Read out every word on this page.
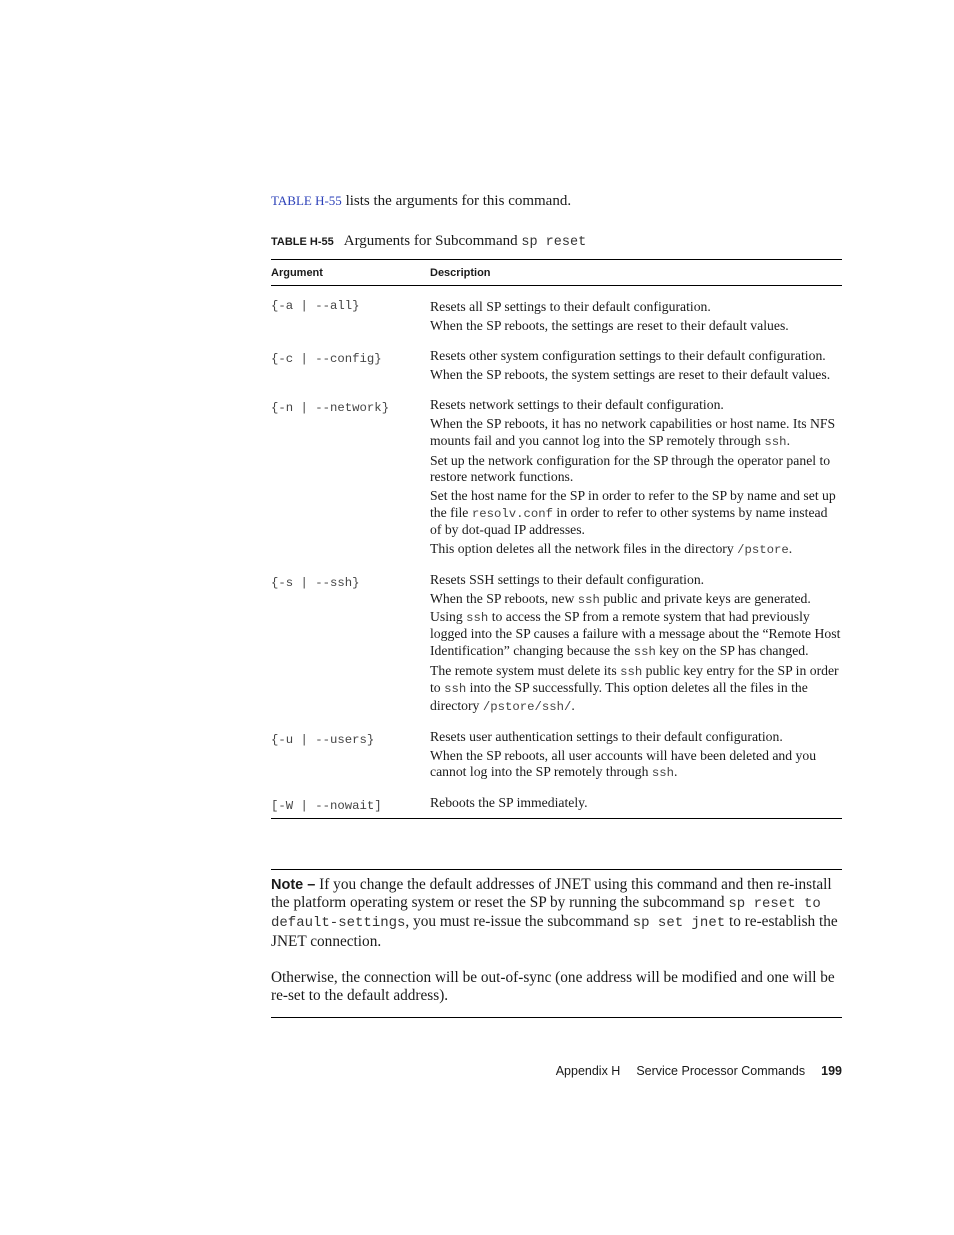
TABLE H-55 lists the arguments for this command.
TABLE H-55 Arguments for Subcommand sp reset
Argument	Description
{-a | --all}	Resets all SP settings to their default configuration.

When the SP reboots, the settings are reset to their default values.

{-c | --config}	Resets other system configuration settings to their default configuration.

When the SP reboots, the system settings are reset to their default values.

{-n | --network}	Resets network settings to their default configuration.

When the SP reboots, it has no network capabilities or host name. Its NFS mounts fail and you cannot log into the SP remotely through ssh.

Set up the network configuration for the SP through the operator panel to restore network functions.

Set the host name for the SP in order to refer to the SP by name and set up the file resolv.conf in order to refer to other systems by name instead of by dot-quad IP addresses.

This option deletes all the network files in the directory /pstore.

{-s | --ssh}	Resets SSH settings to their default configuration.

When the SP reboots, new ssh public and private keys are generated. Using ssh to access the SP from a remote system that had previously logged into the SP causes a failure with a message about the “Remote Host Identification” changing because the ssh key on the SP has changed.

The remote system must delete its ssh public key entry for the SP in order to ssh into the SP successfully. This option deletes all the files in the directory /pstore/ssh/.

{-u | --users}	Resets user authentication settings to their default configuration.

When the SP reboots, all user accounts will have been deleted and you cannot log into the SP remotely through ssh.

[-W | --nowait]	Reboots the SP immediately.

Note – If you change the default addresses of JNET using this command and then re-install the platform operating system or reset the SP by running the subcommand sp reset to default-settings, you must re-issue the subcommand sp set jnet to re-establish the JNET connection.

Otherwise, the connection will be out-of-sync (one address will be modified and one will be re-set to the default address).

Appendix H Service Processor Commands 199
